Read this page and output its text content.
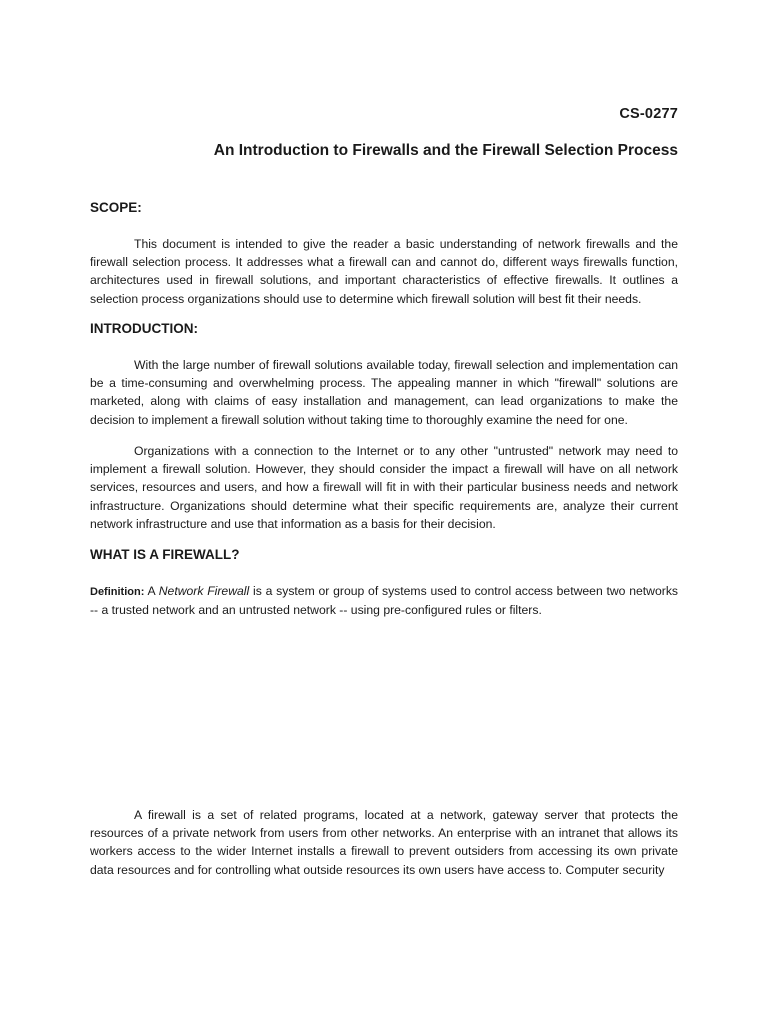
CS-0277
An Introduction to Firewalls and the Firewall Selection Process
SCOPE:

This document is intended to give the reader a basic understanding of network firewalls and the firewall selection process. It addresses what a firewall can and cannot do, different ways firewalls function, architectures used in firewall solutions, and important characteristics of effective firewalls. It outlines a selection process organizations should use to determine which firewall solution will best fit their needs.

INTRODUCTION:

With the large number of firewall solutions available today, firewall selection and implementation can be a time-consuming and overwhelming process. The appealing manner in which "firewall" solutions are marketed, along with claims of easy installation and management, can lead organizations to make the decision to implement a firewall solution without taking time to thoroughly examine the need for one.

Organizations with a connection to the Internet or to any other "untrusted" network may need to implement a firewall solution. However, they should consider the impact a firewall will have on all network services, resources and users, and how a firewall will fit in with their particular business needs and network infrastructure. Organizations should determine what their specific requirements are, analyze their current network infrastructure and use that information as a basis for their decision.

WHAT IS A FIREWALL?

Definition: A Network Firewall is a system or group of systems used to control access between two networks -- a trusted network and an untrusted network -- using pre-configured rules or filters.

A firewall is a set of related programs, located at a network, gateway server that protects the resources of a private network from users from other networks. An enterprise with an intranet that allows its workers access to the wider Internet installs a firewall to prevent outsiders from accessing its own private data resources and for controlling what outside resources its own users have access to. Computer security
